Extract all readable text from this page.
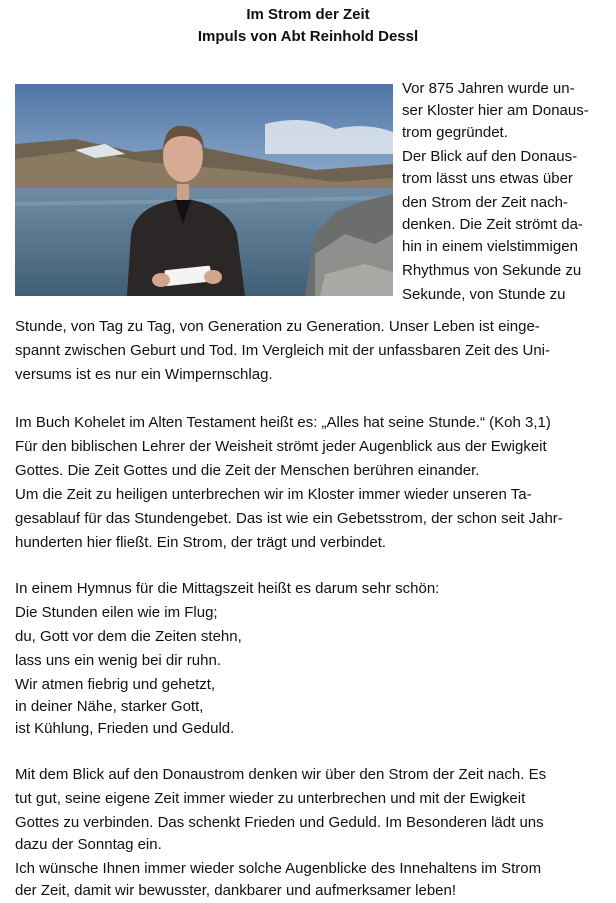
Im Strom der Zeit
Impuls von Abt Reinhold Dessl
Vor 875 Jahren wurde un-
ser Kloster hier am Donaus-
trom gegründet.
Der Blick auf den Donaus-
trom lässt uns etwas über
den Strom der Zeit nach-
denken. Die Zeit strömt da-
hin in einem vielstimmigen
Rhythmus von Sekunde zu
Sekunde, von Stunde zu
Stunde, von Tag zu Tag, von Generation zu Generation. Unser Leben ist einge-
spannt zwischen Geburt und Tod. Im Vergleich mit der unfassbaren Zeit des Uni-
versums ist es nur ein Wimpernschlag.
Im Buch Kohelet im Alten Testament heißt es: „Alles hat seine Stunde.“ (Koh 3,1)
Für den biblischen Lehrer der Weisheit strömt jeder Augenblick aus der Ewigkeit
Gottes. Die Zeit Gottes und die Zeit der Menschen berühren einander.
Um die Zeit zu heiligen unterbrechen wir im Kloster immer wieder unseren Ta-
gesablauf für das Stundengebet. Das ist wie ein Gebetsstrom, der schon seit Jahr-
hunderten hier fließt. Ein Strom, der trägt und verbindet.
In einem Hymnus für die Mittagszeit heißt es darum sehr schön:
Die Stunden eilen wie im Flug;
du, Gott vor dem die Zeiten stehn,
lass uns ein wenig bei dir ruhn.
Wir atmen fiebrig und gehetzt,
in deiner Nähe, starker Gott,
ist Kühlung, Frieden und Geduld.
Mit dem Blick auf den Donaustrom denken wir über den Strom der Zeit nach. Es
tut gut, seine eigene Zeit immer wieder zu unterbrechen und mit der Ewigkeit
Gottes zu verbinden. Das schenkt Frieden und Geduld. Im Besonderen lädt uns
dazu der Sonntag ein.
Ich wünsche Ihnen immer wieder solche Augenblicke des Innehaltens im Strom
der Zeit, damit wir bewusster, dankbarer und aufmerksamer leben!
